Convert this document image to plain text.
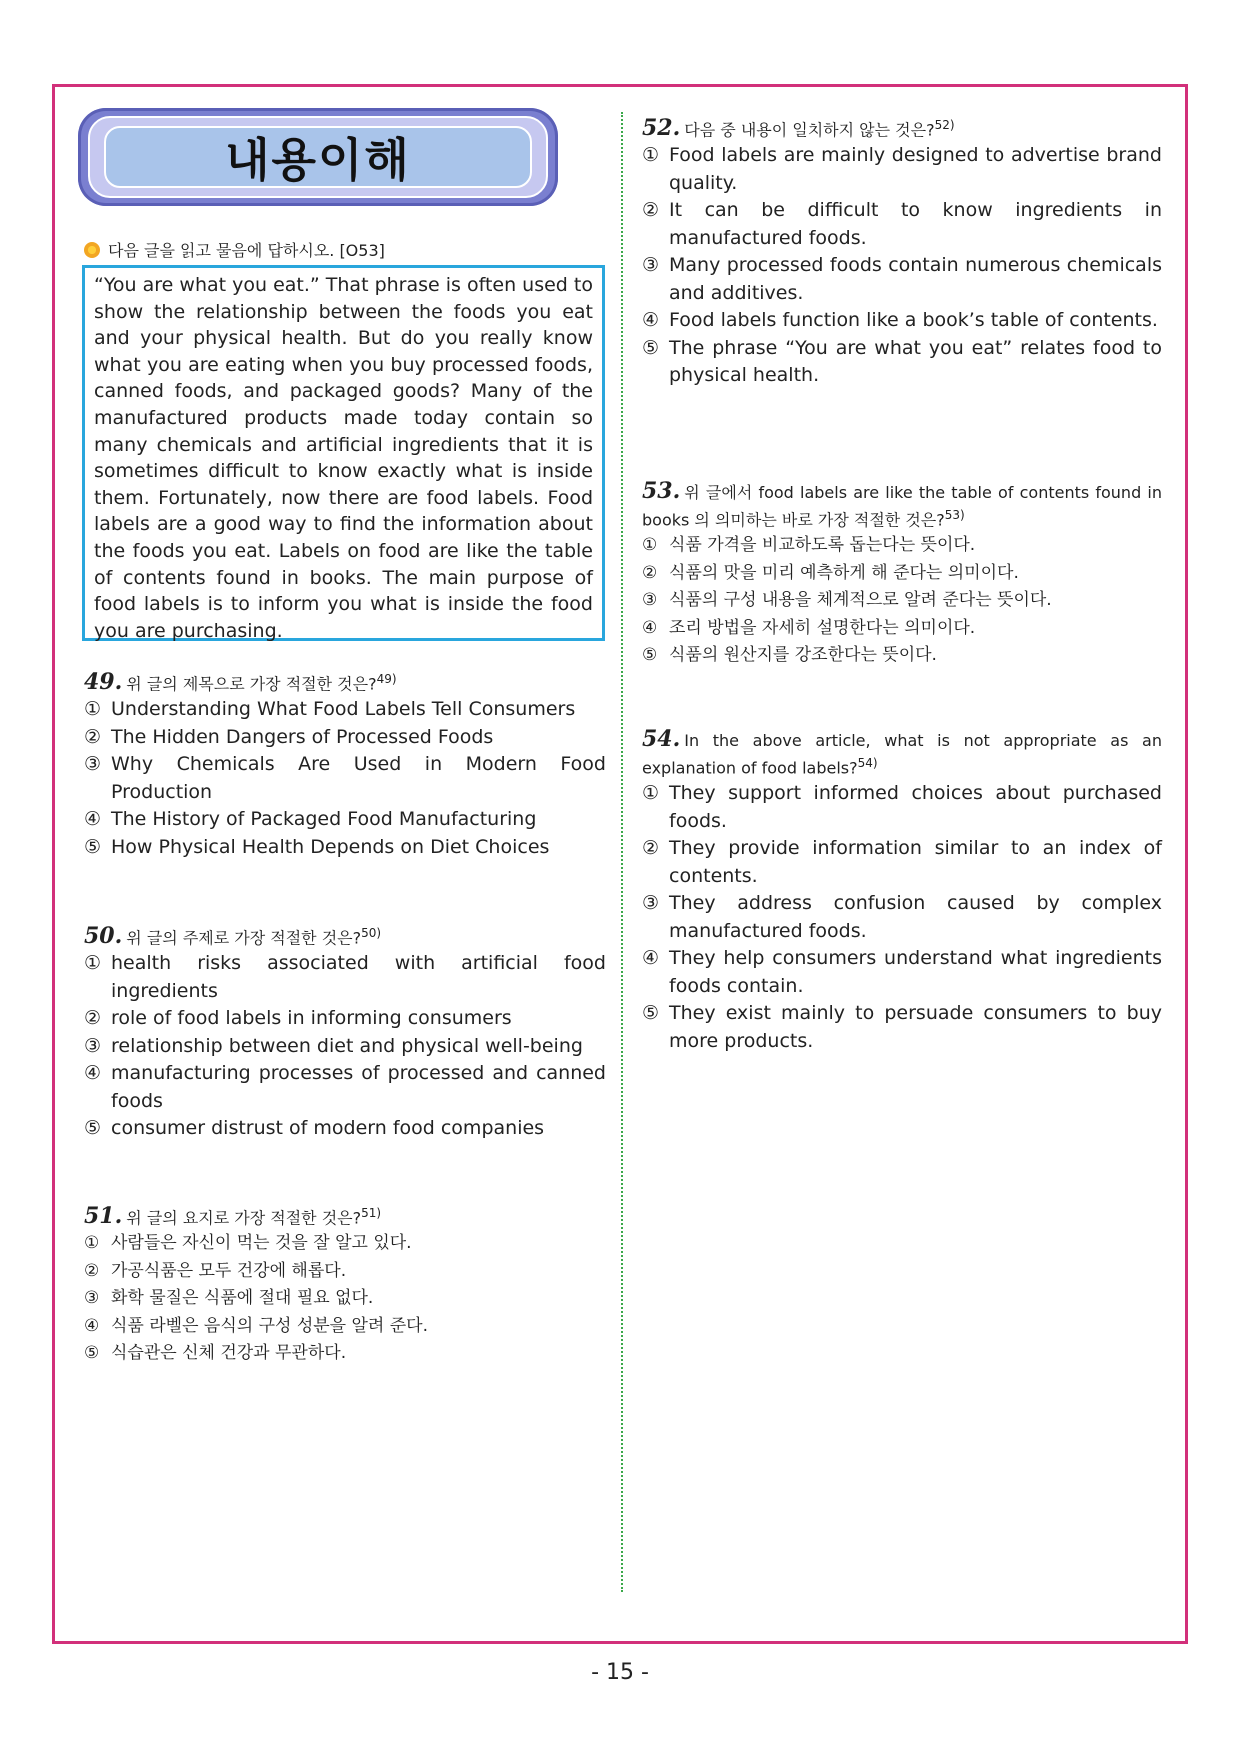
내용이해
다음 글을 읽고 물음에 답하시오. [O53]
“You are what you eat.” That phrase is often used to show the relationship between the foods you eat and your physical health. But do you really know what you are eating when you buy processed foods, canned foods, and packaged goods? Many of the manufactured products made today contain so many chemicals and artificial ingredients that it is sometimes difficult to know exactly what is inside them. Fortunately, now there are food labels. Food labels are a good way to find the information about the foods you eat. Labels on food are like the table of contents found in books. The main purpose of food labels is to inform you what is inside the food you are purchasing.
49. 위 글의 제목으로 가장 적절한 것은?$^{49)}$
① Understanding What Food Labels Tell Consumers
② The Hidden Dangers of Processed Foods
③ Why Chemicals Are Used in Modern Food Production
④ The History of Packaged Food Manufacturing
⑤ How Physical Health Depends on Diet Choices
50. 위 글의 주제로 가장 적절한 것은?$^{50)}$
① health risks associated with artificial food ingredients
② role of food labels in informing consumers
③ relationship between diet and physical well-being
④ manufacturing processes of processed and canned foods
⑤ consumer distrust of modern food companies
51. 위 글의 요지로 가장 적절한 것은?$^{51)}$
① 사람들은 자신이 먹는 것을 잘 알고 있다.
② 가공식품은 모두 건강에 해롭다.
③ 화학 물질은 식품에 절대 필요 없다.
④ 식품 라벨은 음식의 구성 성분을 알려 준다.
⑤ 식습관은 신체 건강과 무관하다.
52. 다음 중 내용이 일치하지 않는 것은?$^{52)}$
① Food labels are mainly designed to advertise brand quality.
② It can be difficult to know ingredients in manufactured foods.
③ Many processed foods contain numerous chemicals and additives.
④ Food labels function like a book’s table of contents.
⑤ The phrase “You are what you eat” relates food to physical health.
53. 위 글에서 food labels are like the table of contents found in books 의 의미하는 바로 가장 적절한 것은?$^{53)}$
① 식품 가격을 비교하도록 돕는다는 뜻이다.
② 식품의 맛을 미리 예측하게 해 준다는 의미이다.
③ 식품의 구성 내용을 체계적으로 알려 준다는 뜻이다.
④ 조리 방법을 자세히 설명한다는 의미이다.
⑤ 식품의 원산지를 강조한다는 뜻이다.
54. In the above article, what is not appropriate as an explanation of food labels?$^{54)}$
① They support informed choices about purchased foods.
② They provide information similar to an index of contents.
③ They address confusion caused by complex manufactured foods.
④ They help consumers understand what ingredients foods contain.
⑤ They exist mainly to persuade consumers to buy more products.
- 15 -
